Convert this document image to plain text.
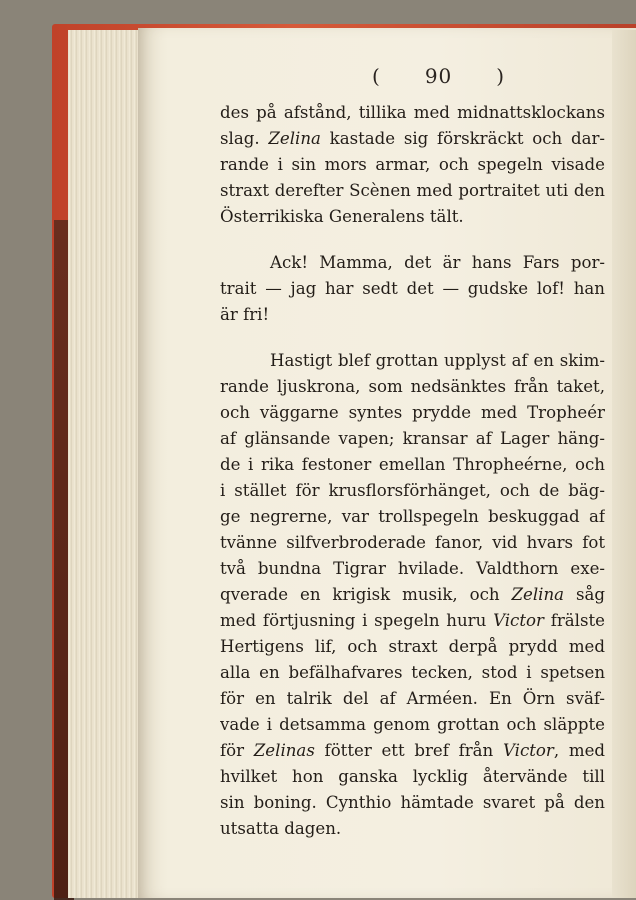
( 90 )
des på afstånd, tillika med midnattsklockans
slag. Zelina kastade sig förskräckt och dar-
rande i sin mors armar, och spegeln visade
straxt derefter Scènen med portraitet uti den
Österrikiska Generalens tält.
Ack! Mamma, det är hans Fars por-
trait — jag har sedt det — gudske lof! han
är fri!
Hastigt blef grottan upplyst af en skim-
rande ljuskrona, som nedsänktes från taket,
och väggarne syntes prydde med Tropheér
af glänsande vapen; kransar af Lager häng-
de i rika festoner emellan Thropheérne, och
i stället för krusflorsförhänget, och de bäg-
ge negrerne, var trollspegeln beskuggad af
tvänne silfverbroderade fanor, vid hvars fot
två bundna Tigrar hvilade. Valdthorn exe-
qverade en krigisk musik, och Zelina såg
med förtjusning i spegeln huru Victor frälste
Hertigens lif, och straxt derpå prydd med
alla en befälhafvares tecken, stod i spetsen
för en talrik del af Arméen. En Örn sväf-
vade i detsamma genom grottan och släppte
för Zelinas fötter ett bref från Victor, med
hvilket hon ganska lycklig återvände till
sin boning. Cynthio hämtade svaret på den
utsatta dagen.
